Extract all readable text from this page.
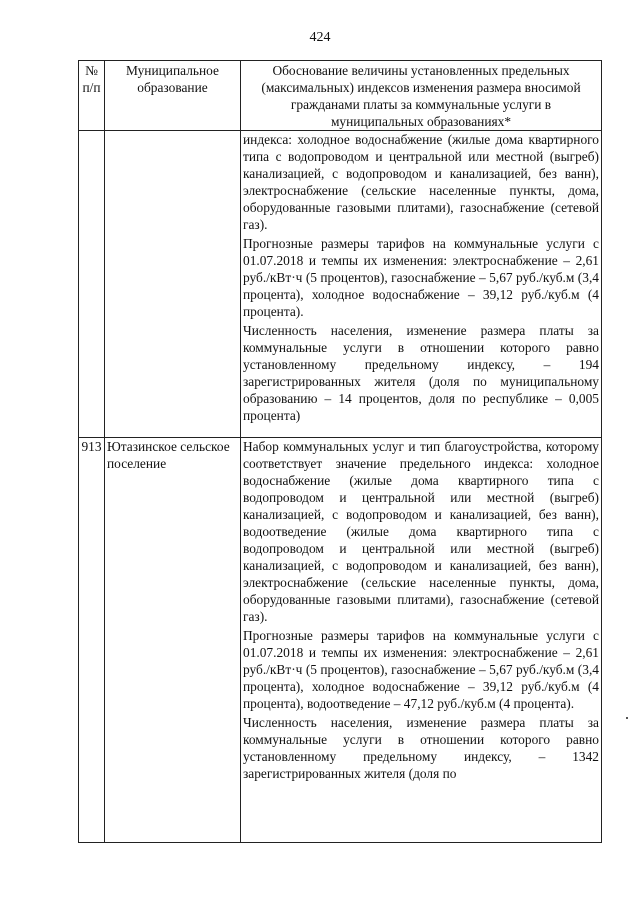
424
№ п/п	Муниципальное образование	Обоснование величины установленных предельных (максимальных) индексов изменения размера вносимой гражданами платы за коммунальные услуги в муниципальных образованиях*

		индекса: холодное водоснабжение (жилые дома квартирного типа с водопроводом и центральной или местной (выгреб) канализацией, с водопроводом и канализацией, без ванн), электроснабжение (сельские населенные пункты, дома, оборудованные газовыми плитами), газоснабжение (сетевой газ).

Прогнозные размеры тарифов на коммунальные услуги с 01.07.2018 и темпы их изменения: электроснабжение – 2,61 руб./кВт·ч (5 процентов), газоснабжение – 5,67 руб./куб.м (3,4 процента), холодное водоснабжение – 39,12 руб./куб.м (4 процента).

Численность населения, изменение размера платы за коммунальные услуги в отношении которого равно установленному предельному индексу, – 194 зарегистрированных жителя (доля по муниципальному образованию – 14 процентов, доля по республике – 0,005 процента)

913	Ютазинское сельское поселение	Набор коммунальных услуг и тип благоустройства, которому соответствует значение предельного индекса: холодное водоснабжение (жилые дома квартирного типа с водопроводом и центральной или местной (выгреб) канализацией, с водопроводом и канализацией, без ванн), водоотведение (жилые дома квартирного типа с водопроводом и центральной или местной (выгреб) канализацией, с водопроводом и канализацией, без ванн), электроснабжение (сельские населенные пункты, дома, оборудованные газовыми плитами), газоснабжение (сетевой газ).

Прогнозные размеры тарифов на коммунальные услуги с 01.07.2018 и темпы их изменения: электроснабжение – 2,61 руб./кВт·ч (5 процентов), газоснабжение – 5,67 руб./куб.м (3,4 процента), холодное водоснабжение – 39,12 руб./куб.м (4 процента), водоотведение – 47,12 руб./куб.м (4 процента).

Численность населения, изменение размера платы за коммунальные услуги в отношении которого равно установленному предельному индексу, – 1342 зарегистрированных жителя (доля по
